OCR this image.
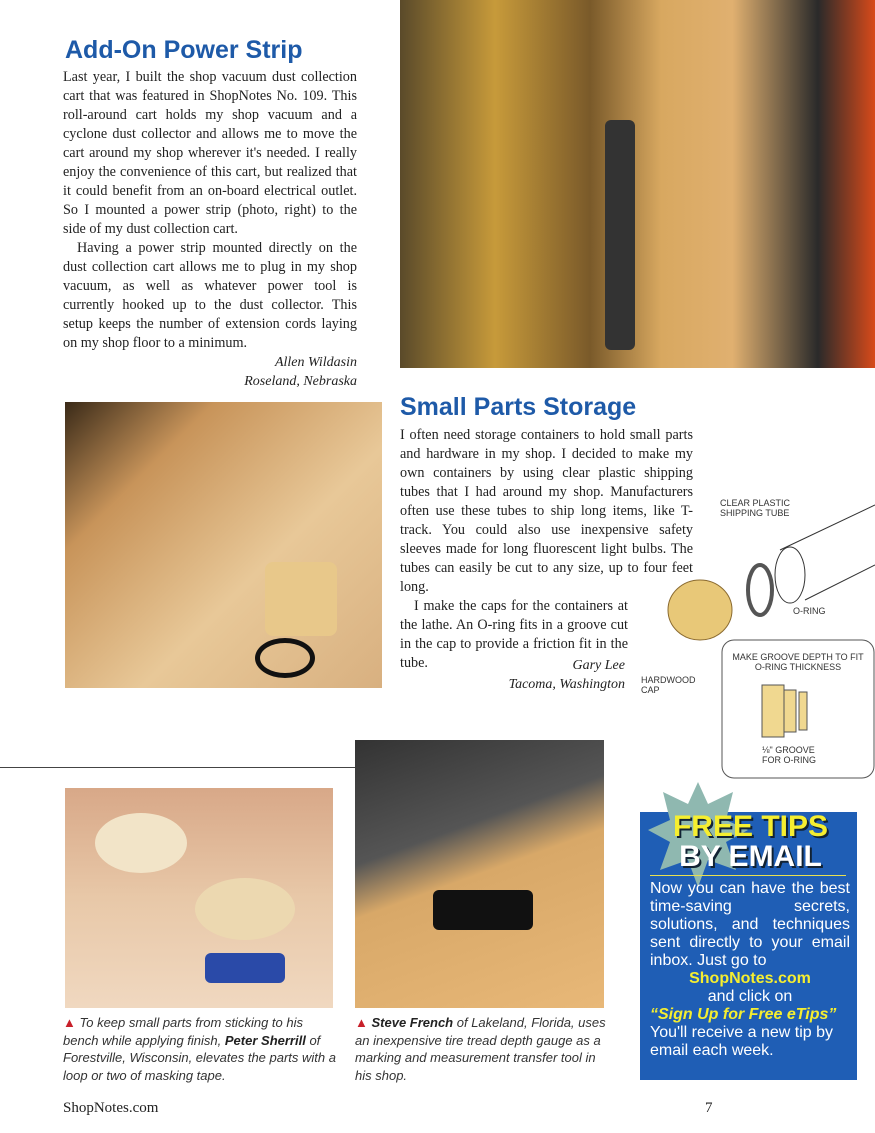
Add-On Power Strip

Last year, I built the shop vacuum dust collection cart that was featured in ShopNotes No. 109. This roll-around cart holds my shop vacuum and a cyclone dust collector and allows me to move the cart around my shop wherever it's needed. I really enjoy the convenience of this cart, but realized that it could benefit from an on-board electrical outlet. So I mounted a power strip (photo, right) to the side of my dust collection cart.

Having a power strip mounted directly on the dust collection cart allows me to plug in my shop vacuum, as well as whatever power tool is currently hooked up to the dust collector. This setup keeps the number of extension cords laying on my shop floor to a minimum.

Allen Wildasin
Roseland, Nebraska
Small Parts Storage

I often need storage containers to hold small parts and hardware in my shop. I decided to make my own containers by using clear plastic shipping tubes that I had around my shop. Manufacturers often use these tubes to ship long items, like T-track. You could also use inexpensive safety sleeves made for long fluorescent light bulbs. The tubes can easily be cut to any size, up to four feet long.

I make the caps for the containers at the lathe. An O-ring fits in a groove cut in the cap to provide a friction fit in the tube.	Gary Lee
Tacoma, Washington
CLEAR PLASTIC SHIPPING TUBE
O-RING
HARDWOOD CAP
MAKE GROOVE DEPTH TO FIT O-RING THICKNESS
⅛" GROOVE FOR O-RING
▲ To keep small parts from sticking to his bench while applying finish, Peter Sherrill of Forestville, Wisconsin, elevates the parts with a loop or two of masking tape.
▲ Steve French of Lakeland, Florida, uses an inexpensive tire tread depth gauge as a marking and measurement transfer tool in his shop.
FREE TIPS
BY EMAIL
Now you can have the best time-saving secrets, solutions, and techniques sent directly to your email inbox. Just go to
ShopNotes.com
and click on
“Sign Up for Free eTips”
You'll receive a new tip by email each week.
ShopNotes.com	7
